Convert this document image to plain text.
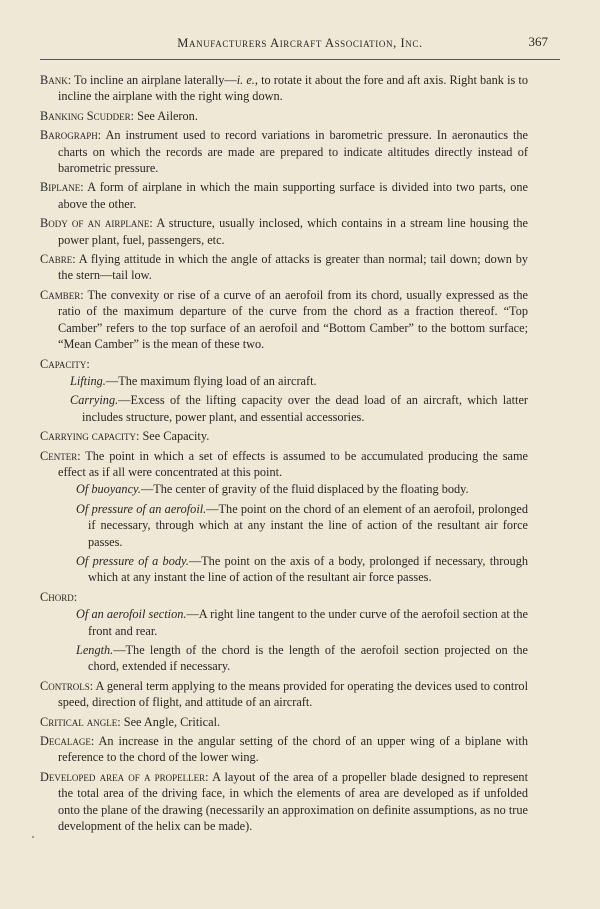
Manufacturers Aircraft Association, Inc.	367

Bank: To incline an airplane laterally—i. e., to rotate it about the fore and aft axis. Right bank is to incline the airplane with the right wing down.

Banking Scudder: See Aileron.

Barograph: An instrument used to record variations in barometric pressure. In aeronautics the charts on which the records are made are prepared to indicate altitudes directly instead of barometric pressure.

Biplane: A form of airplane in which the main supporting surface is divided into two parts, one above the other.

Body of an airplane: A structure, usually inclosed, which contains in a stream line housing the power plant, fuel, passengers, etc.

Cabre: A flying attitude in which the angle of attacks is greater than normal; tail down; down by the stern—tail low.

Camber: The convexity or rise of a curve of an aerofoil from its chord, usually expressed as the ratio of the maximum departure of the curve from the chord as a fraction thereof. “Top Camber” refers to the top surface of an aerofoil and “Bottom Camber” to the bottom surface; “Mean Camber” is the mean of these two.

Capacity:

Lifting.—The maximum flying load of an aircraft.

Carrying.—Excess of the lifting capacity over the dead load of an aircraft, which latter includes structure, power plant, and essential accessories.

Carrying capacity: See Capacity.

Center: The point in which a set of effects is assumed to be accumulated producing the same effect as if all were concentrated at this point.

Of buoyancy.—The center of gravity of the fluid displaced by the floating body.

Of pressure of an aerofoil.—The point on the chord of an element of an aerofoil, prolonged if necessary, through which at any instant the line of action of the resultant air force passes.

Of pressure of a body.—The point on the axis of a body, prolonged if necessary, through which at any instant the line of action of the resultant air force passes.

Chord:

Of an aerofoil section.—A right line tangent to the under curve of the aerofoil section at the front and rear.

Length.—The length of the chord is the length of the aerofoil section projected on the chord, extended if necessary.

Controls: A general term applying to the means provided for operating the devices used to control speed, direction of flight, and attitude of an aircraft.

Critical angle: See Angle, Critical.

Decalage: An increase in the angular setting of the chord of an upper wing of a biplane with reference to the chord of the lower wing.

Developed area of a propeller: A layout of the area of a propeller blade designed to represent the total area of the driving face, in which the elements of area are developed as if unfolded onto the plane of the drawing (necessarily an approximation on definite assumptions, as no true development of the helix can be made).
